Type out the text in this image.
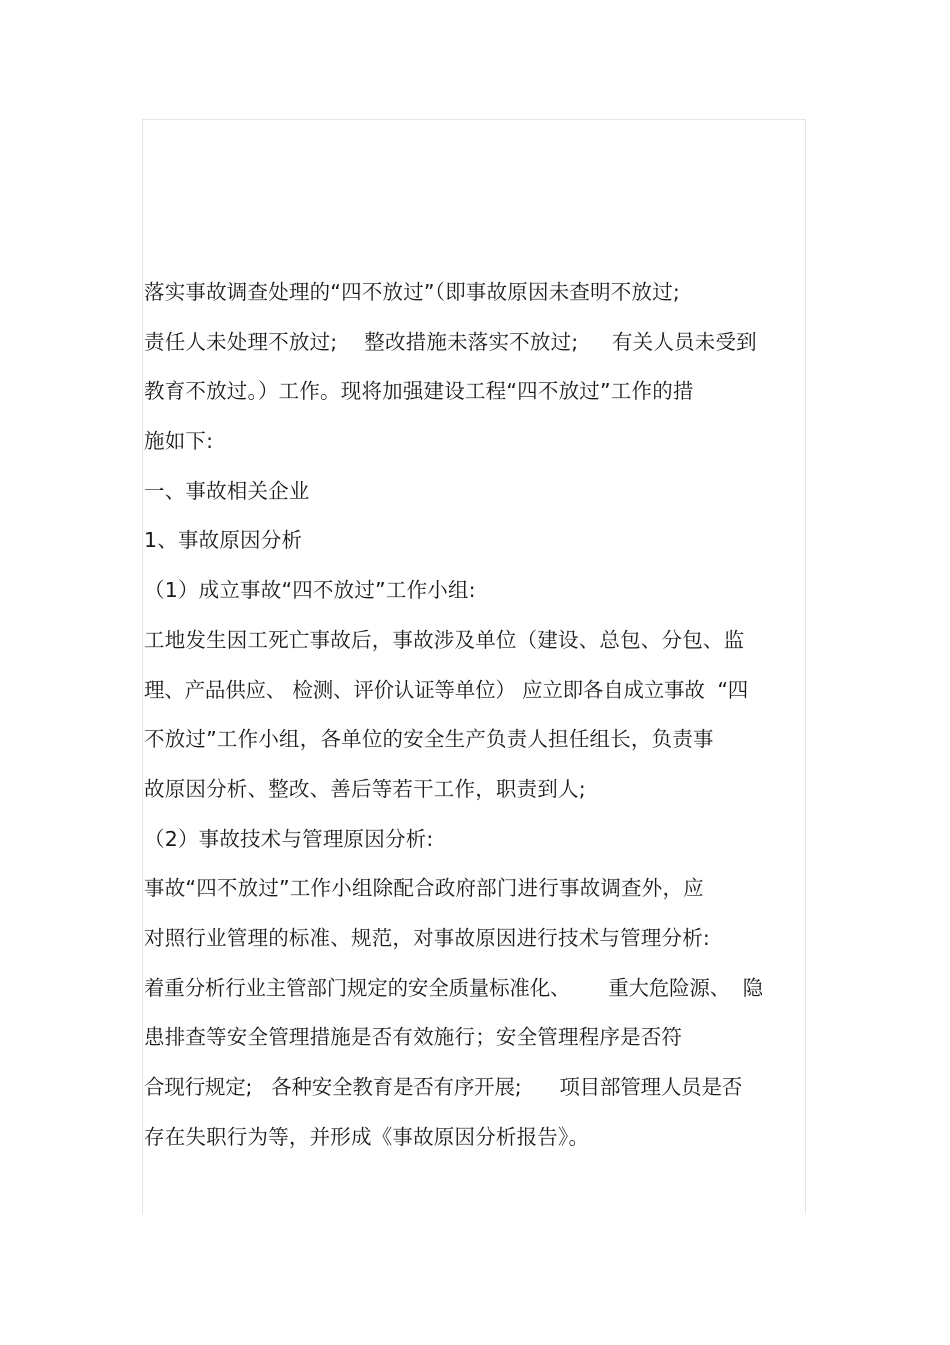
落实事故调查处理的“四不放过”（即事故原因未查明不放过;
责任人未处理不放过;    整改措施未落实不放过;     有关人员未受到
教育不放过。）工作。现将加强建设工程“四不放过”工作的措
施如下:
一、事故相关企业
1、事故原因分析
（1）成立事故“四不放过”工作小组:
工地发生因工死亡事故后，事故涉及单位（建设、总包、分包、监
理、产品供应、 检测、评价认证等单位） 应立即各自成立事故  “四
不放过”工作小组，各单位的安全生产负责人担任组长，负责事
故原因分析、整改、善后等若干工作，职责到人;
（2）事故技术与管理原因分析:
事故“四不放过”工作小组除配合政府部门进行事故调查外，应
对照行业管理的标准、规范，对事故原因进行技术与管理分析:
着重分析行业主管部门规定的安全质量标准化、      重大危险源、  隐
患排查等安全管理措施是否有效施行；安全管理程序是否符
合现行规定;   各种安全教育是否有序开展;      项目部管理人员是否
存在失职行为等，并形成《事故原因分析报告》。
